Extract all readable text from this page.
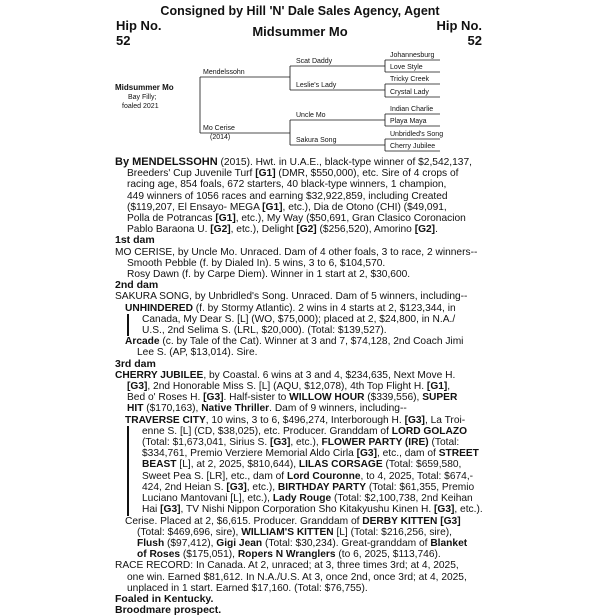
Consigned by Hill 'N' Dale Sales Agency, Agent
Hip No.
52
Midsummer Mo	Hip No.
52
Midsummer Mo
Bay Filly;
foaled 2021
Mendelssohn
Mo Cerise
(2014)
Scat Daddy
Leslie's Lady
Uncle Mo
Sakura Song
Johannesburg
Love Style
Tricky Creek
Crystal Lady
Indian Charlie
Playa Maya
Unbridled's Song
Cherry Jubilee
By MENDELSSOHN (2015). Hwt. in U.A.E., black-type winner of $2,542,137,
Breeders' Cup Juvenile Turf [G1] (DMR, $550,000), etc. Sire of 4 crops of
racing age, 854 foals, 672 starters, 40 black-type winners, 1 champion,
449 winners of 1056 races and earning $32,922,859, including Created
($119,207, El Ensayo- MEGA [G1], etc.), Dia de Otono (CHI) ($49,091,
Polla de Potrancas [G1], etc.), My Way ($50,691, Gran Clasico Coronacion
Pablo Baraona U. [G2], etc.), Delight [G2] ($256,520), Amorino [G2].
1st dam
MO CERISE, by Uncle Mo. Unraced. Dam of 4 other foals, 3 to race, 2 winners--
Smooth Pebble (f. by Dialed In). 5 wins, 3 to 6, $104,570.
Rosy Dawn (f. by Carpe Diem). Winner in 1 start at 2, $30,600.
2nd dam
SAKURA SONG, by Unbridled's Song. Unraced. Dam of 5 winners, including--
UNHINDERED (f. by Stormy Atlantic). 2 wins in 4 starts at 2, $123,344, in
Canada, My Dear S. [L] (WO, $75,000); placed at 2, $24,800, in N.A./
U.S., 2nd Selima S. (LRL, $20,000). (Total: $139,527).
Arcade (c. by Tale of the Cat). Winner at 3 and 7, $74,128, 2nd Coach Jimi
Lee S. (AP, $13,014). Sire.
3rd dam
CHERRY JUBILEE, by Coastal. 6 wins at 3 and 4, $234,635, Next Move H.
[G3], 2nd Honorable Miss S. [L] (AQU, $12,078), 4th Top Flight H. [G1],
Bed o' Roses H. [G3]. Half-sister to WILLOW HOUR ($339,556), SUPER
HIT ($170,163), Native Thriller. Dam of 9 winners, including--
TRAVERSE CITY, 10 wins, 3 to 6, $496,274, Interborough H. [G3], La Troi-
enne S. [L] (CD, $38,025), etc. Producer. Granddam of LORD GOLAZO
(Total: $1,673,041, Sirius S. [G3], etc.), FLOWER PARTY (IRE) (Total:
$334,761, Premio Verziere Memorial Aldo Cirla [G3], etc., dam of STREET
BEAST [L], at 2, 2025, $810,644), LILAS CORSAGE (Total: $659,580,
Sweet Pea S. [LR], etc., dam of Lord Couronne, to 4, 2025, Total: $674,-
424, 2nd Heian S. [G3], etc.), BIRTHDAY PARTY (Total: $61,355, Premio
Luciano Mantovani [L], etc.), Lady Rouge (Total: $2,100,738, 2nd Keihan
Hai [G3], TV Nishi Nippon Corporation Sho Kitakyushu Kinen H. [G3], etc.).
Cerise. Placed at 2, $6,615. Producer. Granddam of DERBY KITTEN [G3]
(Total: $469,696, sire), WILLIAM'S KITTEN [L] (Total: $216,256, sire),
Flush ($97,412), Gigi Jean (Total: $30,234). Great-granddam of Blanket
of Roses ($175,051), Ropers N Wranglers (to 6, 2025, $113,746).
RACE RECORD: In Canada. At 2, unraced; at 3, three times 3rd; at 4, 2025,
one win. Earned $81,612. In N.A./U.S. At 3, once 2nd, once 3rd; at 4, 2025,
unplaced in 1 start. Earned $17,160. (Total: $76,755).
Foaled in Kentucky.
Broodmare prospect.
